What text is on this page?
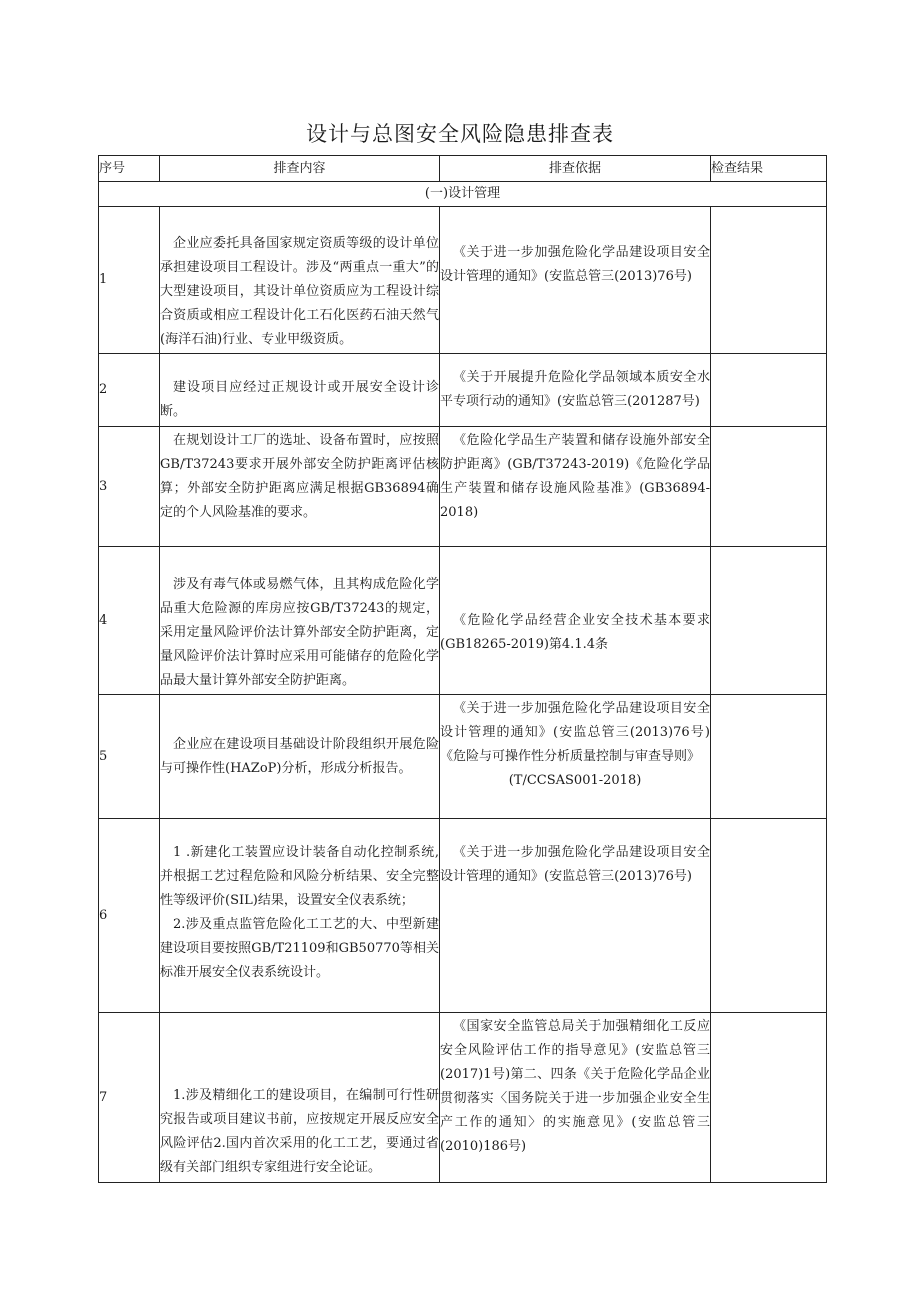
设计与总图安全风险隐患排查表
序号	排查内容	排查依据	检查结果
(一)设计管理			
1	企业应委托具备国家规定资质等级的设计单位承担建设项目工程设计。涉及“两重点一重大”的大型建设项目，其设计单位资质应为工程设计综合资质或相应工程设计化工石化医药石油天然气(海洋石油)行业、专业甲级资质。	《关于进一步加强危险化学品建设项目安全设计管理的通知》(安监总管三(2013)76号)	

2	建设项目应经过正规设计或开展安全设计诊断。	《关于开展提升危险化学品领域本质安全水平专项行动的通知》(安监总管三(201287号)	

3	在规划设计工厂的选址、设备布置时，应按照GB/T37243要求开展外部安全防护距离评估核算；外部安全防护距离应满足根据GB36894确定的个人风险基准的要求。	《危险化学品生产装置和储存设施外部安全防护距离》(GB/T37243-2019)《危险化学品生产装置和储存设施风险基准》(GB36894-2018)	

4	涉及有毒气体或易燃气体，且其构成危险化学品重大危险源的库房应按GB/T37243的规定，采用定量风险评价法计算外部安全防护距离，定量风险评价法计算时应采用可能储存的危险化学品最大量计算外部安全防护距离。	《危险化学品经营企业安全技术基本要求(GB18265-2019)第4.1.4条	

5	企业应在建设项目基础设计阶段组织开展危险与可操作性(HAZoP)分析，形成分析报告。	《关于进一步加强危险化学品建设项目安全设计管理的通知》(安监总管三(2013)76号)《危险与可操作性分析质量控制与审查导则》
(T/CCSAS001-2018)	

6	1 .新建化工装置应设计装备自动化控制系统,并根据工艺过程危险和风险分析结果、安全完整性等级评价(SIL)结果，设置安全仪表系统；
2.涉及重点监管危险化工工艺的大、中型新建建设项目要按照GB/T21109和GB50770等相关标准开展安全仪表系统设计。	《关于进一步加强危险化学品建设项目安全设计管理的通知》(安监总管三(2013)76号)	

7	1.涉及精细化工的建设项目，在编制可行性研究报告或项目建议书前，应按规定开展反应安全风险评估2.国内首次采用的化工工艺，要通过省级有关部门组织专家组进行安全论证。	《国家安全监管总局关于加强精细化工反应安全风险评估工作的指导意见》(安监总管三(2017)1号)第二、四条《关于危险化学品企业贯彻落实〈国务院关于进一步加强企业安全生产工作的通知〉的实施意见》(安监总管三(2010)186号)	
